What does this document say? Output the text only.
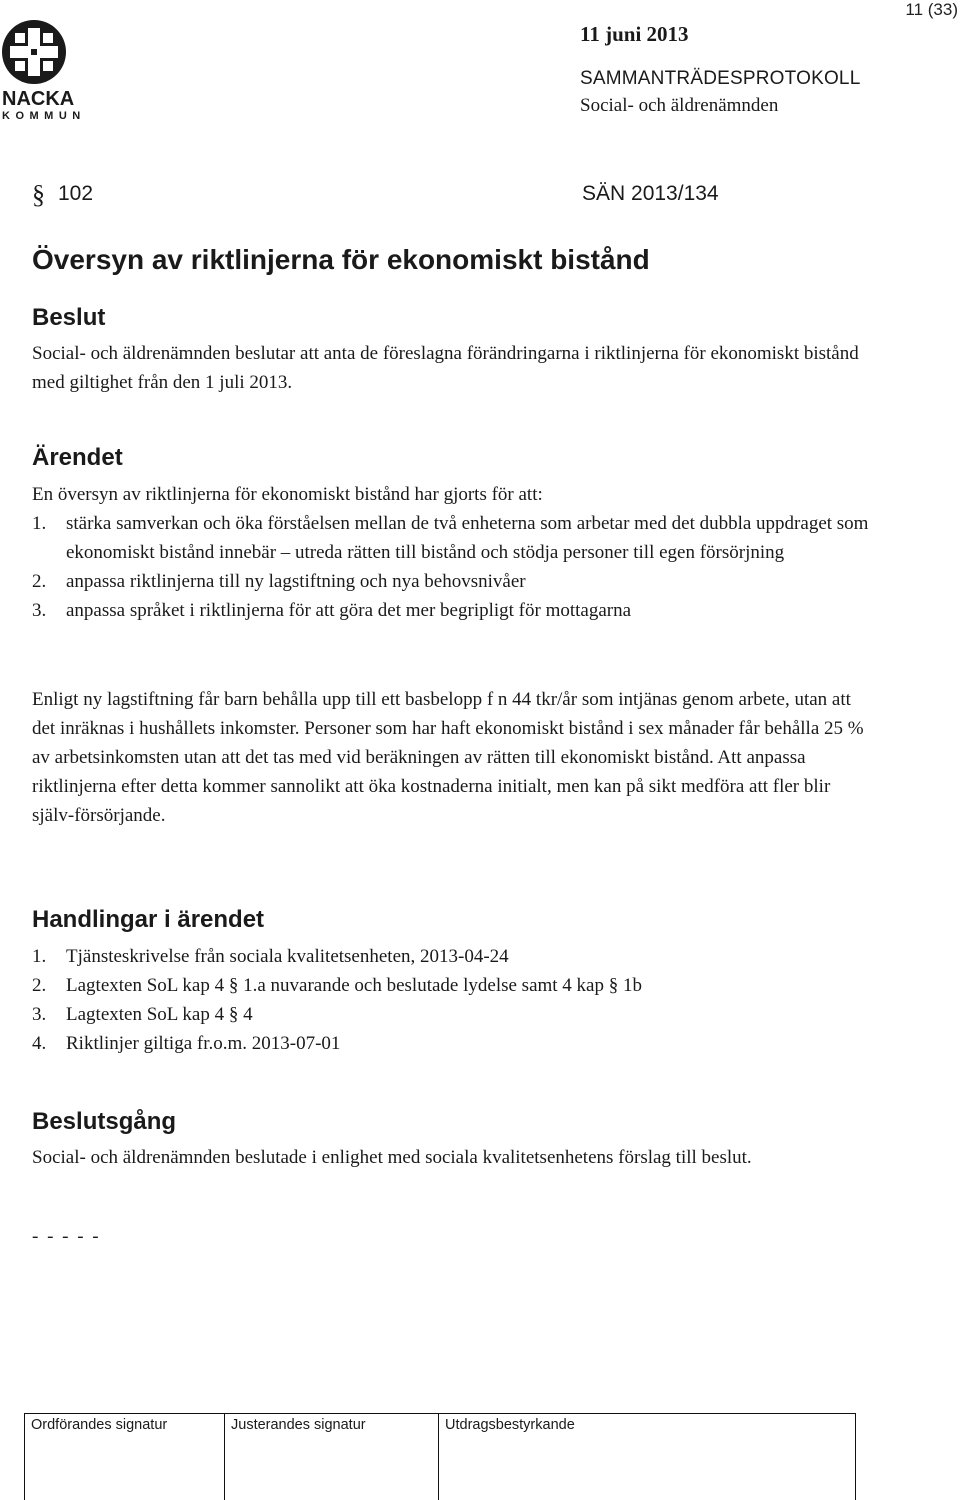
NACKA
KOMMUN
11 (33)
11 juni 2013
SAMMANTRÄDESPROTOKOLL
Social- och äldrenämnden
§ 102	SÄN 2013/134
Översyn av riktlinjerna för ekonomiskt bistånd
Beslut
Social- och äldrenämnden beslutar att anta de föreslagna förändringarna i riktlinjerna för ekonomiskt bistånd med giltighet från den 1 juli 2013.
Ärendet
En översyn av riktlinjerna för ekonomiskt bistånd har gjorts för att:
1. stärka samverkan och öka förståelsen mellan de två enheterna som arbetar med det dubbla uppdraget som ekonomiskt bistånd innebär – utreda rätten till bistånd och stödja personer till egen försörjning
2. anpassa riktlinjerna till ny lagstiftning och nya behovsnivåer
3. anpassa språket i riktlinjerna för att göra det mer begripligt för mottagarna
Enligt ny lagstiftning får barn behålla upp till ett basbelopp f n 44 tkr/år som intjänas genom arbete, utan att det inräknas i hushållets inkomster. Personer som har haft ekonomiskt bistånd i sex månader får behålla 25 % av arbetsinkomsten utan att det tas med vid beräkningen av rätten till ekonomiskt bistånd. Att anpassa riktlinjerna efter detta kommer sannolikt att öka kostnaderna initialt, men kan på sikt medföra att fler blir själv-försörjande.
Handlingar i ärendet
1. Tjänsteskrivelse från sociala kvalitetsenheten, 2013-04-24
2. Lagtexten SoL kap 4 § 1.a nuvarande och beslutade lydelse samt 4 kap § 1b
3. Lagtexten SoL kap 4 § 4
4. Riktlinjer giltiga fr.o.m. 2013-07-01
Beslutsgång
Social- och äldrenämnden beslutade i enlighet med sociala kvalitetsenhetens förslag till beslut.
- - - - -
Ordförandes signatur	Justerandes signatur	Utdragsbestyrkande
